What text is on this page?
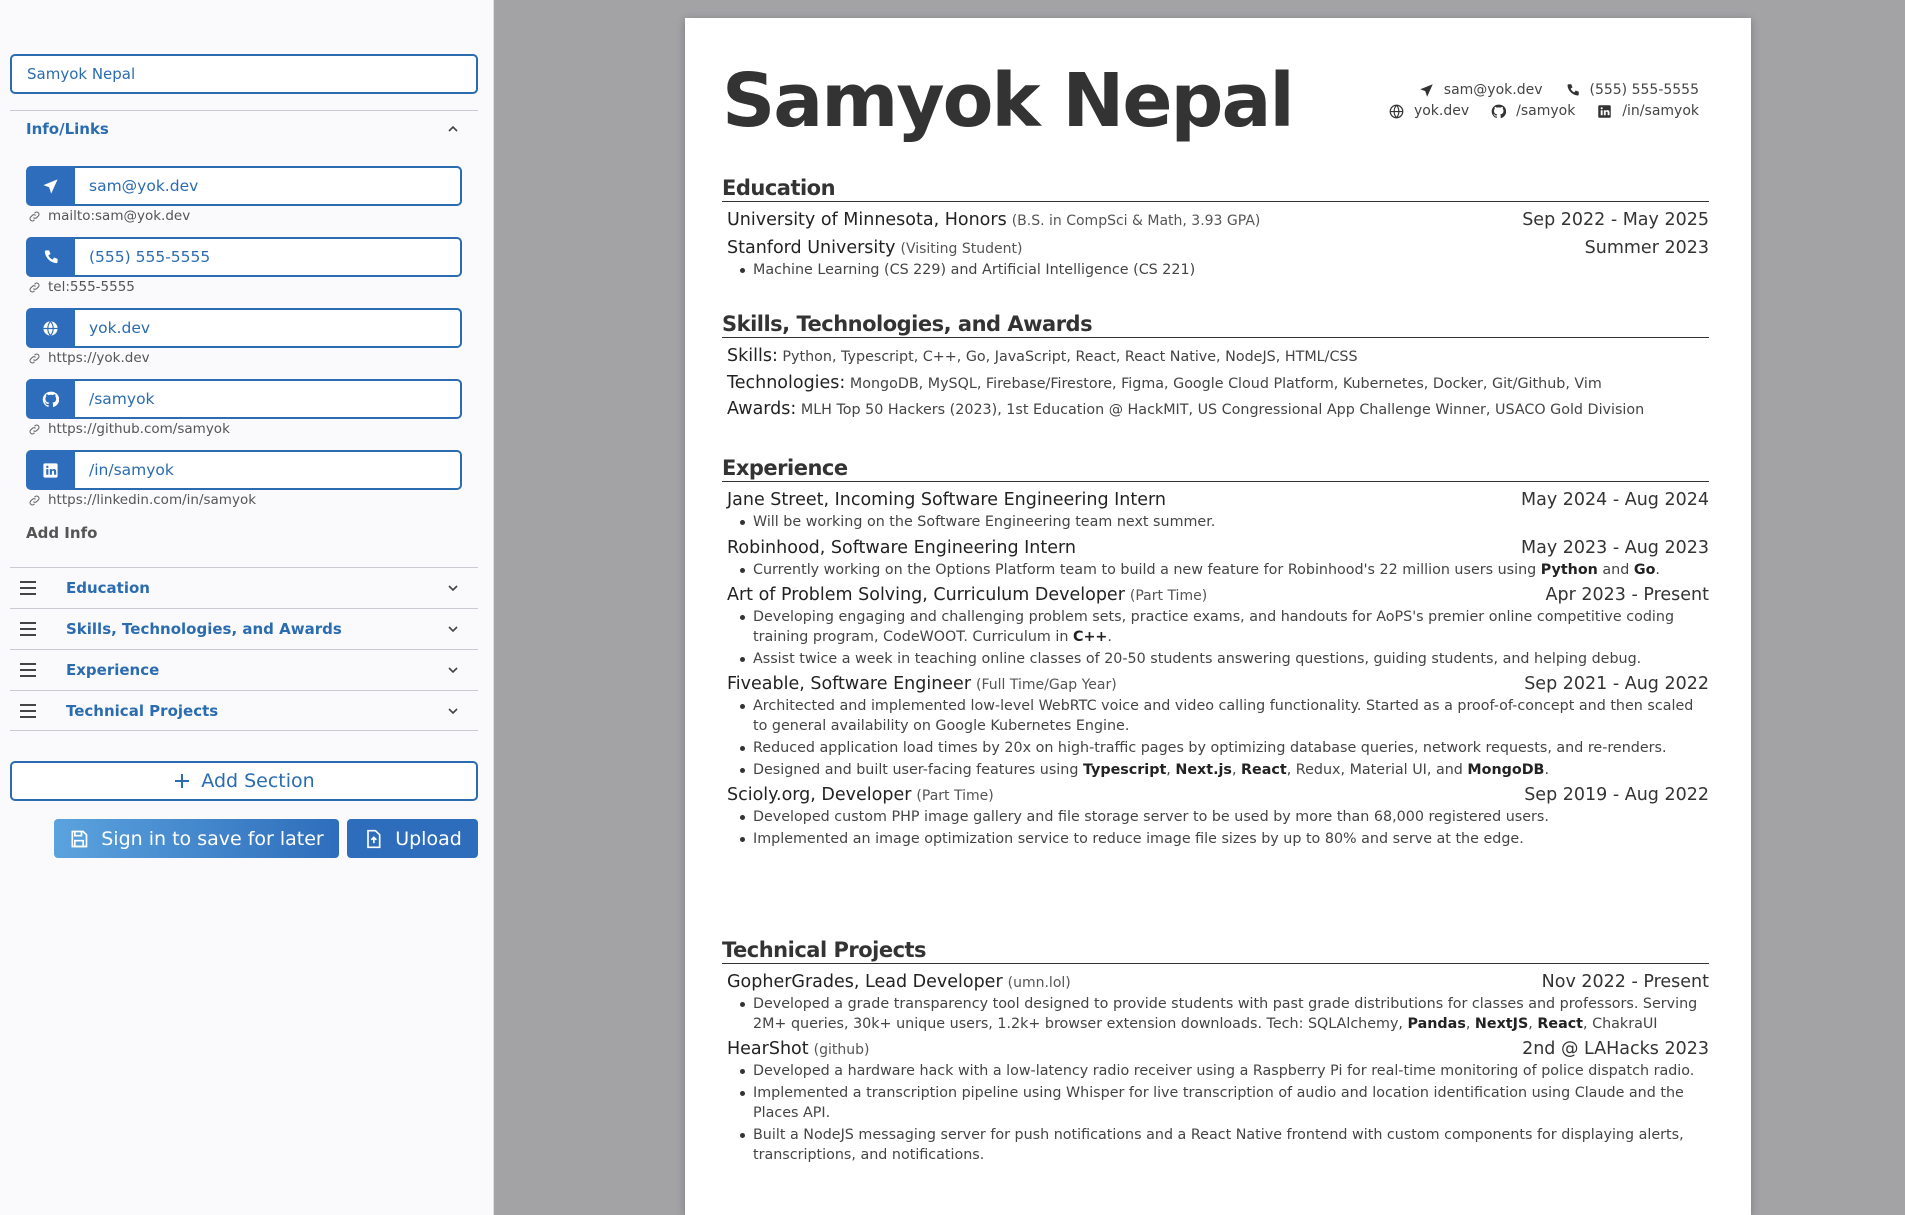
Samyok Nepal
Info/Links
sam@yok.dev
mailto:sam@yok.dev
(555) 555-5555
tel:555-5555
yok.dev
https://yok.dev
/samyok
https://github.com/samyok
/in/samyok
https://linkedin.com/in/samyok
Add Info
Education
Skills, Technologies, and Awards
Experience
Technical Projects
Add Section
Sign in to save for later	Upload
Samyok Nepal	sam@yok.dev	(555) 555-5555
yok.dev	/samyok	/in/samyok
Education
University of Minnesota, Honors (B.S. in CompSci & Math, 3.93 GPA)	Sep 2022 - May 2025
Stanford University (Visiting Student)	Summer 2023
Machine Learning (CS 229) and Artificial Intelligence (CS 221)
Skills, Technologies, and Awards
Skills: Python, Typescript, C++, Go, JavaScript, React, React Native, NodeJS, HTML/CSS
Technologies: MongoDB, MySQL, Firebase/Firestore, Figma, Google Cloud Platform, Kubernetes, Docker, Git/Github, Vim
Awards: MLH Top 50 Hackers (2023), 1st Education @ HackMIT, US Congressional App Challenge Winner, USACO Gold Division
Experience
Jane Street, Incoming Software Engineering Intern	May 2024 - Aug 2024
Will be working on the Software Engineering team next summer.
Robinhood, Software Engineering Intern	May 2023 - Aug 2023
Currently working on the Options Platform team to build a new feature for Robinhood's 22 million users using Python and Go.
Art of Problem Solving, Curriculum Developer (Part Time)	Apr 2023 - Present
Developing engaging and challenging problem sets, practice exams, and handouts for AoPS's premier online competitive coding training program, CodeWOOT. Curriculum in C++.
Assist twice a week in teaching online classes of 20-50 students answering questions, guiding students, and helping debug.
Fiveable, Software Engineer (Full Time/Gap Year)	Sep 2021 - Aug 2022
Architected and implemented low-level WebRTC voice and video calling functionality. Started as a proof-of-concept and then scaled to general availability on Google Kubernetes Engine.
Reduced application load times by 20x on high-traffic pages by optimizing database queries, network requests, and re-renders.
Designed and built user-facing features using Typescript, Next.js, React, Redux, Material UI, and MongoDB.
Scioly.org, Developer (Part Time)	Sep 2019 - Aug 2022
Developed custom PHP image gallery and file storage server to be used by more than 68,000 registered users.
Implemented an image optimization service to reduce image file sizes by up to 80% and serve at the edge.
Technical Projects
GopherGrades, Lead Developer (umn.lol)	Nov 2022 - Present
Developed a grade transparency tool designed to provide students with past grade distributions for classes and professors. Serving 2M+ queries, 30k+ unique users, 1.2k+ browser extension downloads. Tech: SQLAlchemy, Pandas, NextJS, React, ChakraUI
HearShot (github)	2nd @ LAHacks 2023
Developed a hardware hack with a low-latency radio receiver using a Raspberry Pi for real-time monitoring of police dispatch radio.
Implemented a transcription pipeline using Whisper for live transcription of audio and location identification using Claude and the Places API.
Built a NodeJS messaging server for push notifications and a React Native frontend with custom components for displaying alerts, transcriptions, and notifications.
